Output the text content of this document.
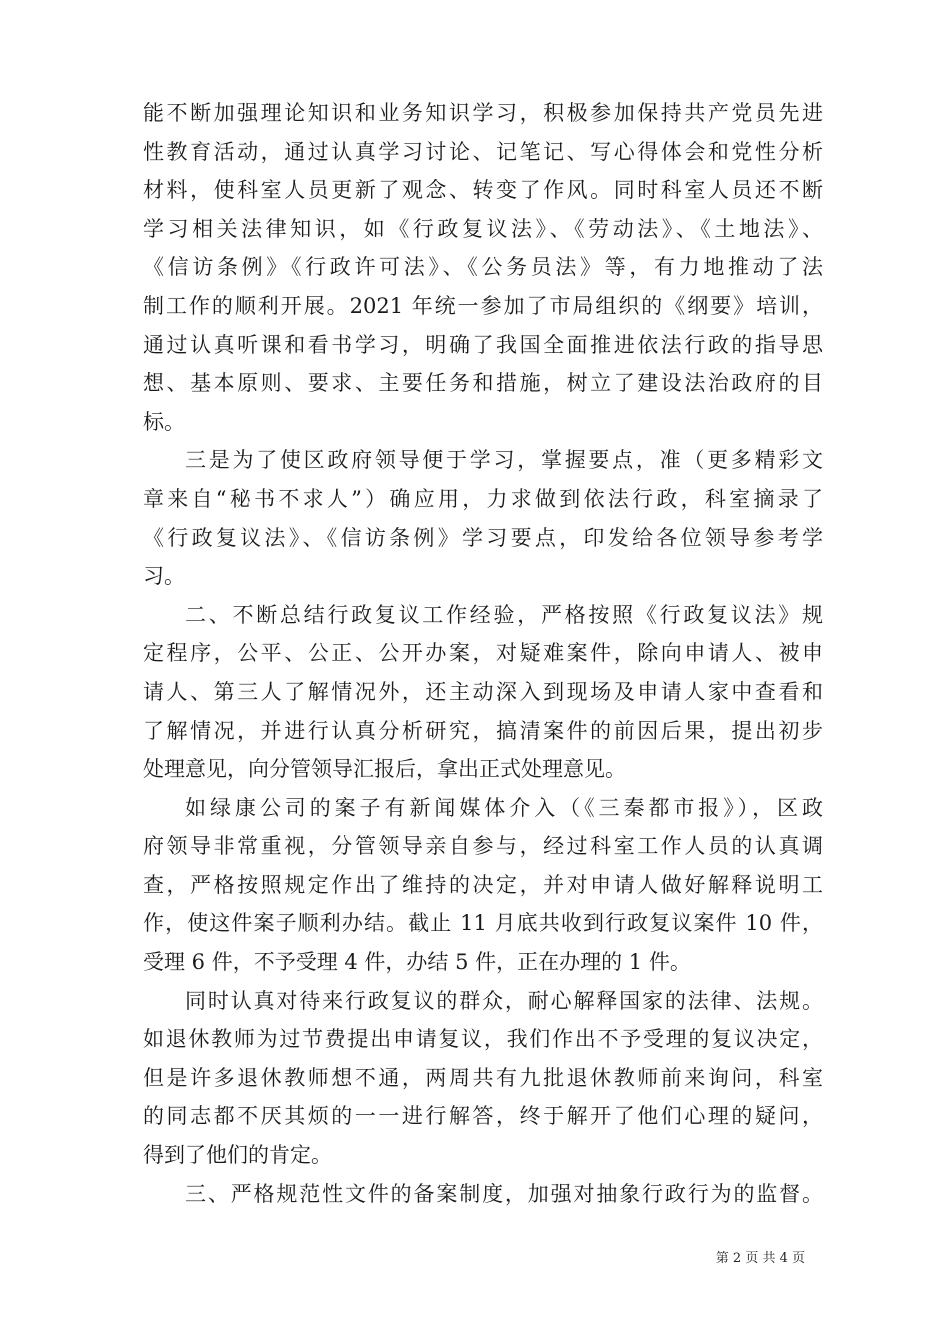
能不断加强理论知识和业务知识学习，积极参加保持共产党员先进
性教育活动，通过认真学习讨论、记笔记、写心得体会和党性分析
材料，使科室人员更新了观念、转变了作风。同时科室人员还不断
学习相关法律知识，如《行政复议法》、《劳动法》、《土地法》、
《信访条例》《行政许可法》、《公务员法》等，有力地推动了法
制工作的顺利开展。2021 年统一参加了市局组织的《纲要》培训，
通过认真听课和看书学习，明确了我国全面推进依法行政的指导思
想、基本原则、要求、主要任务和措施，树立了建设法治政府的目
标。
三是为了使区政府领导便于学习，掌握要点，准（更多精彩文
章来自“秘书不求人”）确应用，力求做到依法行政，科室摘录了
《行政复议法》、《信访条例》学习要点，印发给各位领导参考学
习。
二、不断总结行政复议工作经验，严格按照《行政复议法》规
定程序，公平、公正、公开办案，对疑难案件，除向申请人、被申
请人、第三人了解情况外，还主动深入到现场及申请人家中查看和
了解情况，并进行认真分析研究，搞清案件的前因后果，提出初步
处理意见，向分管领导汇报后，拿出正式处理意见。
如绿康公司的案子有新闻媒体介入（《三秦都市报》），区政
府领导非常重视，分管领导亲自参与，经过科室工作人员的认真调
查，严格按照规定作出了维持的决定，并对申请人做好解释说明工
作，使这件案子顺利办结。截止 11 月底共收到行政复议案件 10 件，
受理 6 件，不予受理 4 件，办结 5 件，正在办理的 1 件。
同时认真对待来行政复议的群众，耐心解释国家的法律、法规。
如退休教师为过节费提出申请复议，我们作出不予受理的复议决定，
但是许多退休教师想不通，两周共有九批退休教师前来询问，科室
的同志都不厌其烦的一一进行解答，终于解开了他们心理的疑问，
得到了他们的肯定。
三、严格规范性文件的备案制度，加强对抽象行政行为的监督。
第 2 页 共 4 页
